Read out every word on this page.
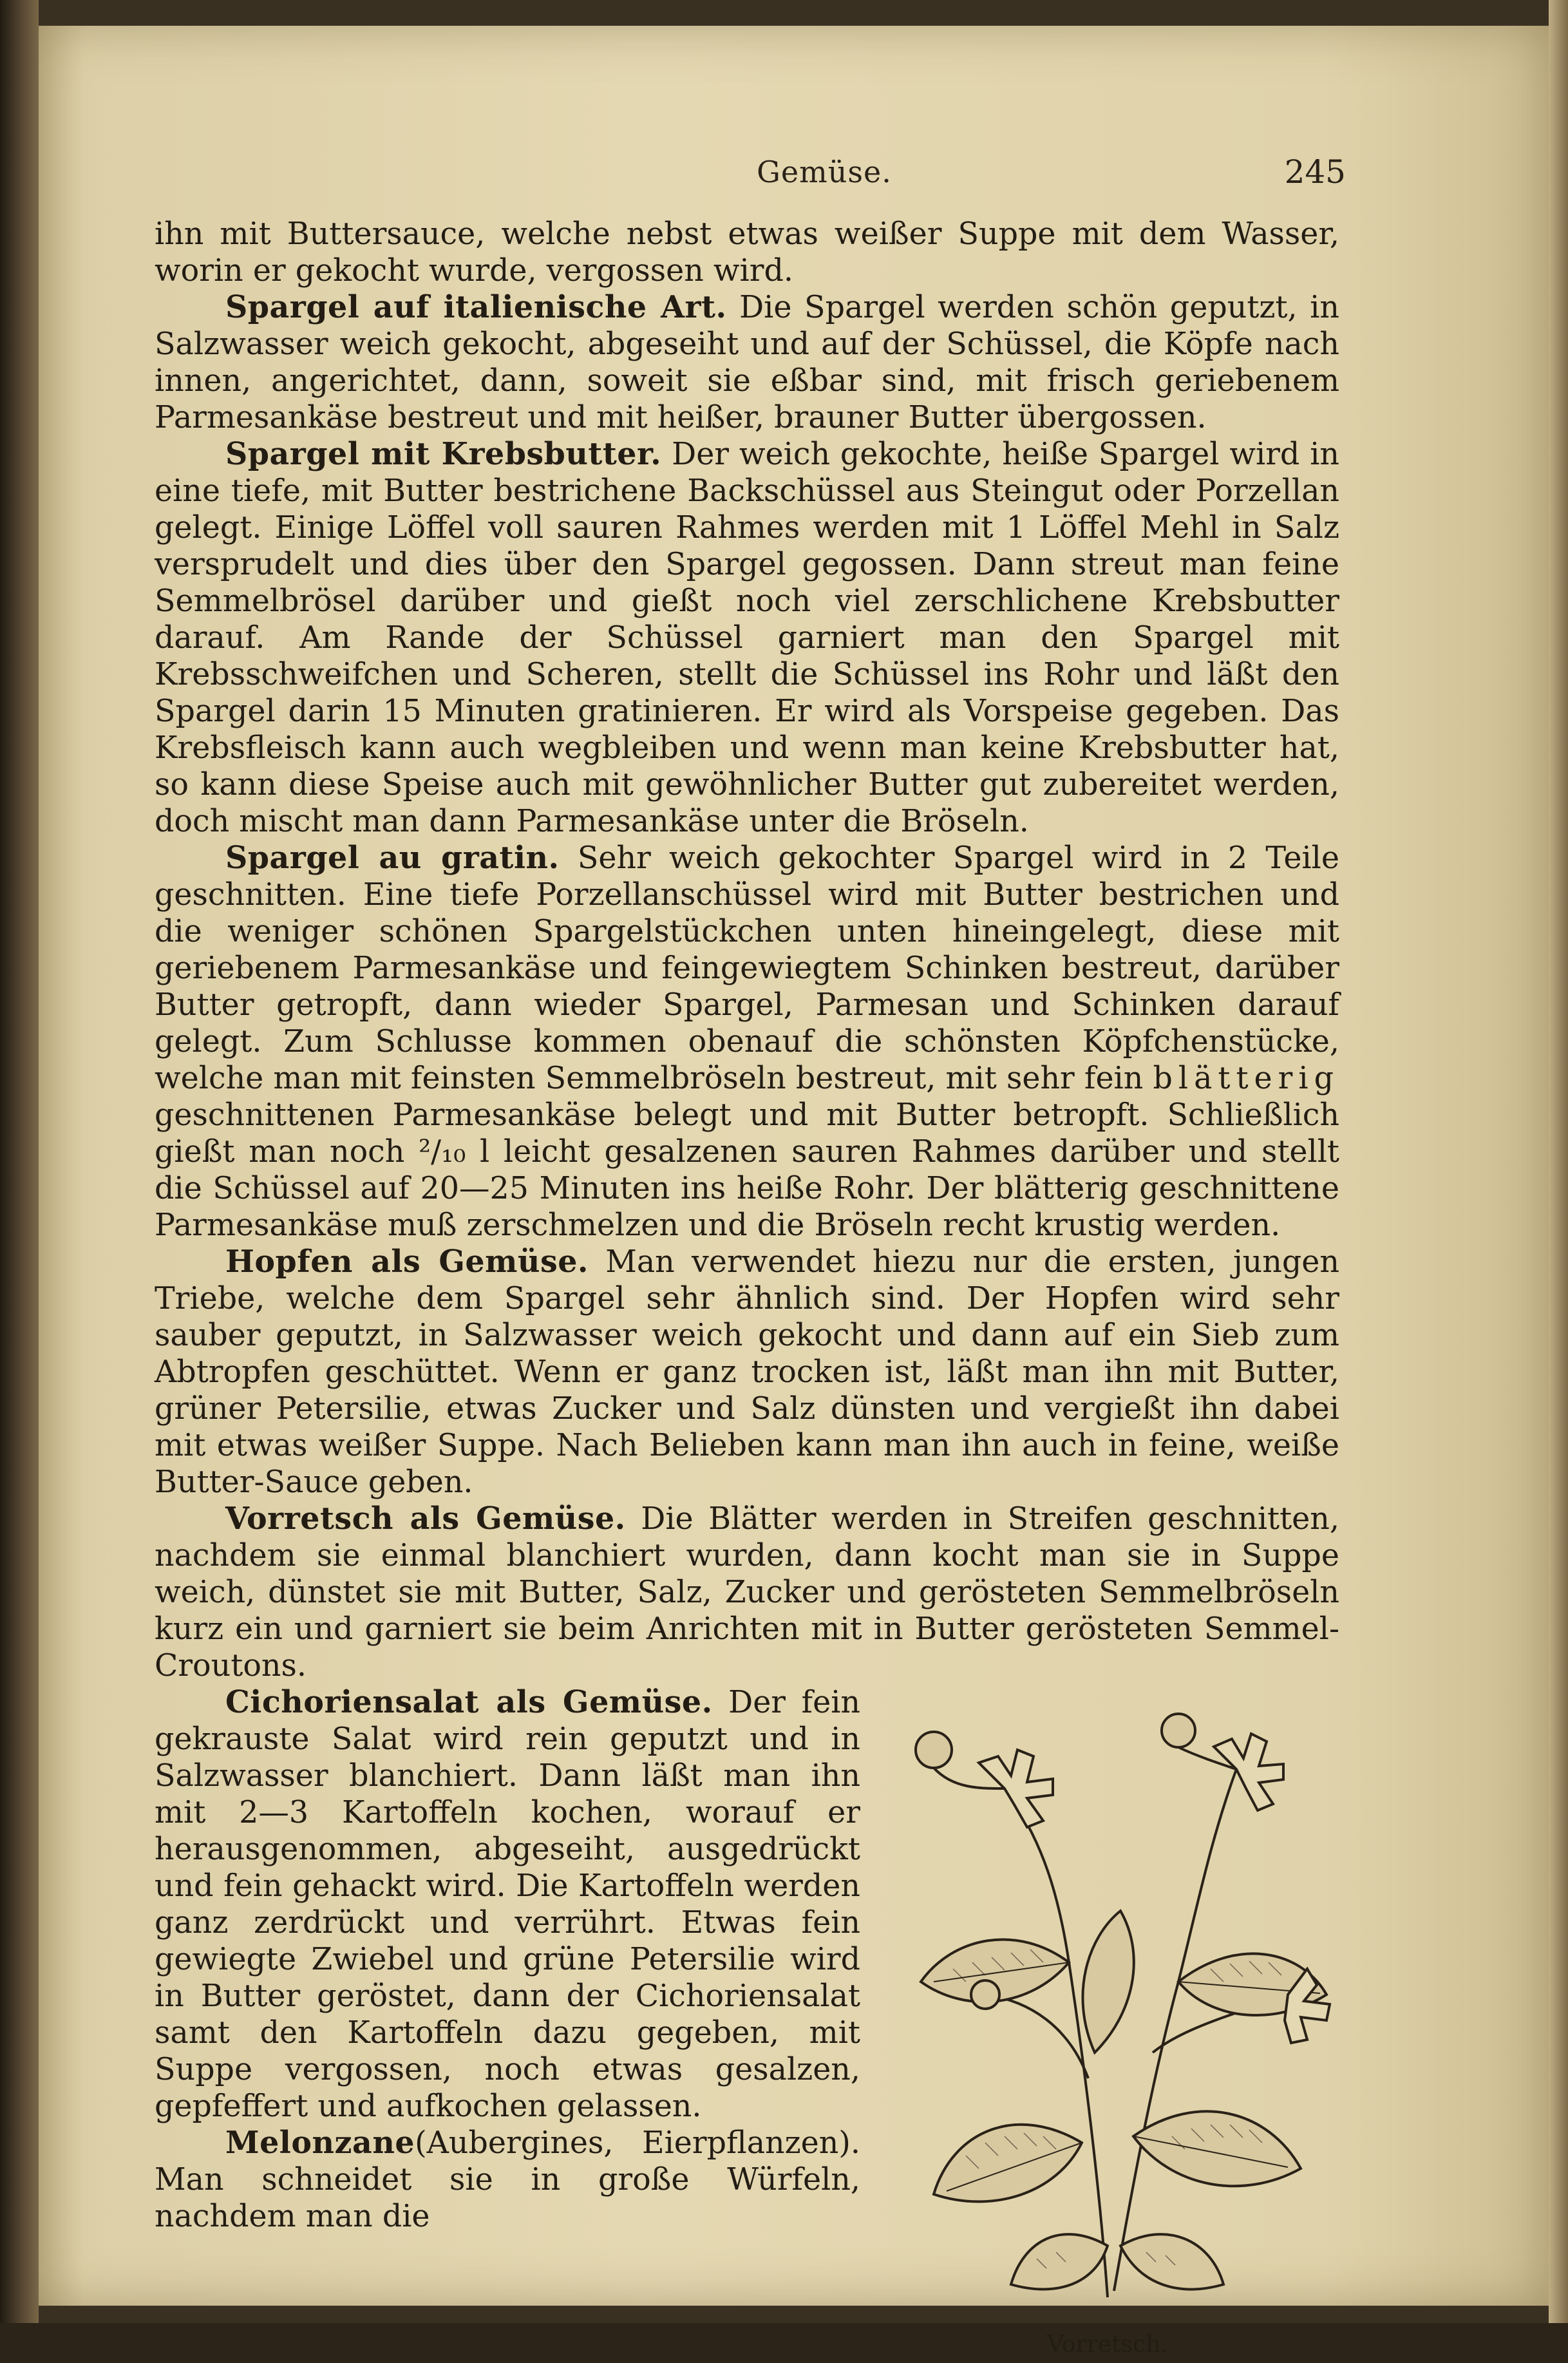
Gemüse.	245

ihn mit Buttersauce, welche nebst etwas weißer Suppe mit dem Wasser, worin er gekocht wurde, vergossen wird.

Spargel auf italienische Art. Die Spargel werden schön geputzt, in Salzwasser weich gekocht, abgeseiht und auf der Schüssel, die Köpfe nach innen, angerichtet, dann, soweit sie eßbar sind, mit frisch geriebenem Parmesankäse bestreut und mit heißer, brauner Butter übergossen.

Spargel mit Krebsbutter. Der weich gekochte, heiße Spargel wird in eine tiefe, mit Butter bestrichene Backschüssel aus Steingut oder Porzellan gelegt. Einige Löffel voll sauren Rahmes werden mit 1 Löffel Mehl in Salz versprudelt und dies über den Spargel gegossen. Dann streut man feine Semmelbrösel darüber und gießt noch viel zerschlichene Krebsbutter darauf. Am Rande der Schüssel garniert man den Spargel mit Krebsschweifchen und Scheren, stellt die Schüssel ins Rohr und läßt den Spargel darin 15 Minuten gratinieren. Er wird als Vorspeise gegeben. Das Krebsfleisch kann auch wegbleiben und wenn man keine Krebsbutter hat, so kann diese Speise auch mit gewöhnlicher Butter gut zubereitet werden, doch mischt man dann Parmesankäse unter die Bröseln.

Spargel au gratin. Sehr weich gekochter Spargel wird in 2 Teile geschnitten. Eine tiefe Porzellanschüssel wird mit Butter bestrichen und die weniger schönen Spargelstückchen unten hineingelegt, diese mit geriebenem Parmesankäse und feingewiegtem Schinken bestreut, darüber Butter getropft, dann wieder Spargel, Parmesan und Schinken darauf gelegt. Zum Schlusse kommen obenauf die schönsten Köpfchenstücke, welche man mit feinsten Semmelbröseln bestreut, mit sehr fein blätterig geschnittenen Parmesankäse belegt und mit Butter betropft. Schließlich gießt man noch ²/₁₀ l leicht gesalzenen sauren Rahmes darüber und stellt die Schüssel auf 20—25 Minuten ins heiße Rohr. Der blätterig geschnittene Parmesankäse muß zerschmelzen und die Bröseln recht krustig werden.

Hopfen als Gemüse. Man verwendet hiezu nur die ersten, jungen Triebe, welche dem Spargel sehr ähnlich sind. Der Hopfen wird sehr sauber geputzt, in Salzwasser weich gekocht und dann auf ein Sieb zum Abtropfen geschüttet. Wenn er ganz trocken ist, läßt man ihn mit Butter, grüner Petersilie, etwas Zucker und Salz dünsten und vergießt ihn dabei mit etwas weißer Suppe. Nach Belieben kann man ihn auch in feine, weiße Butter-Sauce geben.

Vorretsch als Gemüse. Die Blätter werden in Streifen geschnitten, nachdem sie einmal blanchiert wurden, dann kocht man sie in Suppe weich, dünstet sie mit Butter, Salz, Zucker und gerösteten Semmelbröseln kurz ein und garniert sie beim Anrichten mit in Butter gerösteten Semmel-Croutons.

Vorretsch.

Cichoriensalat als Gemüse. Der fein gekrauste Salat wird rein geputzt und in Salzwasser blanchiert. Dann läßt man ihn mit 2—3 Kartoffeln kochen, worauf er herausgenommen, abgeseiht, ausgedrückt und fein gehackt wird. Die Kartoffeln werden ganz zerdrückt und verrührt. Etwas fein gewiegte Zwiebel und grüne Petersilie wird in Butter geröstet, dann der Cichoriensalat samt den Kartoffeln dazu gegeben, mit Suppe vergossen, noch etwas gesalzen, gepfeffert und aufkochen gelassen.

Melonzane(Aubergines, Eierpflanzen). Man schneidet sie in große Würfeln, nachdem man die
